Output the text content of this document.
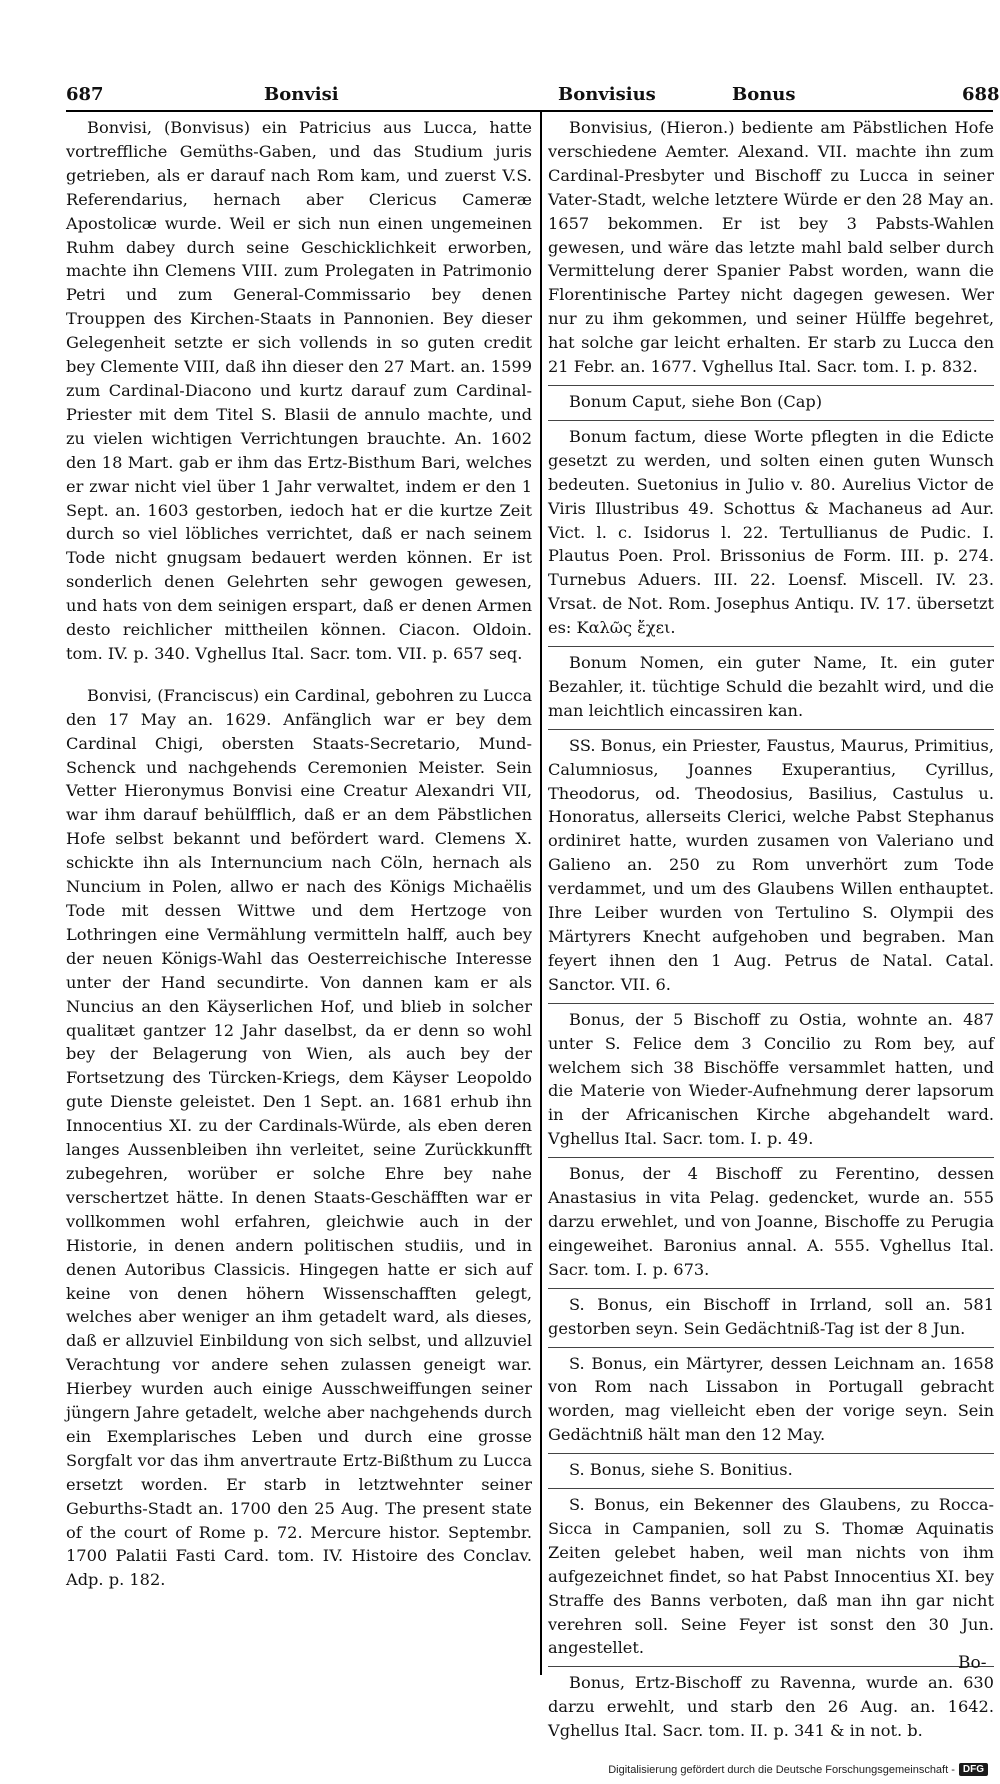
687	Bonvisi	Bonvisius	Bonus	688

Bonvisi, (Bonvisus) ein Patricius aus Lucca, hatte vortreffliche Gemüths-Gaben, und das Studium juris getrieben, als er darauf nach Rom kam, und zuerst V.S. Referendarius, hernach aber Clericus Cameræ Apostolicæ wurde. Weil er sich nun einen ungemeinen Ruhm dabey durch seine Geschicklichkeit erworben, machte ihn Clemens VIII. zum Prolegaten in Patrimonio Petri und zum General-Commissario bey denen Trouppen des Kirchen-Staats in Pannonien. Bey dieser Gelegenheit setzte er sich vollends in so guten credit bey Clemente VIII, daß ihn dieser den 27 Mart. an. 1599 zum Cardinal-Diacono und kurtz darauf zum Cardinal-Priester mit dem Titel S. Blasii de annulo machte, und zu vielen wichtigen Verrichtungen brauchte. An. 1602 den 18 Mart. gab er ihm das Ertz-Bisthum Bari, welches er zwar nicht viel über 1 Jahr verwaltet, indem er den 1 Sept. an. 1603 gestorben, iedoch hat er die kurtze Zeit durch so viel löbliches verrichtet, daß er nach seinem Tode nicht gnugsam bedauert werden können. Er ist sonderlich denen Gelehrten sehr gewogen gewesen, und hats von dem seinigen erspart, daß er denen Armen desto reichlicher mittheilen können. Ciacon. Oldoin. tom. IV. p. 340. Vghellus Ital. Sacr. tom. VII. p. 657 seq.

Bonvisi, (Franciscus) ein Cardinal, gebohren zu Lucca den 17 May an. 1629. Anfänglich war er bey dem Cardinal Chigi, obersten Staats-Secretario, Mund-Schenck und nachgehends Ceremonien Meister. Sein Vetter Hieronymus Bonvisi eine Creatur Alexandri VII, war ihm darauf behülfflich, daß er an dem Päbstlichen Hofe selbst bekannt und befördert ward. Clemens X. schickte ihn als Internuncium nach Cöln, hernach als Nuncium in Polen, allwo er nach des Königs Michaëlis Tode mit dessen Wittwe und dem Hertzoge von Lothringen eine Vermählung vermitteln halff, auch bey der neuen Königs-Wahl das Oesterreichische Interesse unter der Hand secundirte. Von dannen kam er als Nuncius an den Käyserlichen Hof, und blieb in solcher qualitæt gantzer 12 Jahr daselbst, da er denn so wohl bey der Belagerung von Wien, als auch bey der Fortsetzung des Türcken-Kriegs, dem Käyser Leopoldo gute Dienste geleistet. Den 1 Sept. an. 1681 erhub ihn Innocentius XI. zu der Cardinals-Würde, als eben deren langes Aussenbleiben ihn verleitet, seine Zurückkunfft zubegehren, worüber er solche Ehre bey nahe verschertzet hätte. In denen Staats-Geschäfften war er vollkommen wohl erfahren, gleichwie auch in der Historie, in denen andern politischen studiis, und in denen Autoribus Classicis. Hingegen hatte er sich auf keine von denen höhern Wissenschafften gelegt, welches aber weniger an ihm getadelt ward, als dieses, daß er allzuviel Einbildung von sich selbst, und allzuviel Verachtung vor andere sehen zulassen geneigt war. Hierbey wurden auch einige Ausschweiffungen seiner jüngern Jahre getadelt, welche aber nachgehends durch ein Exemplarisches Leben und durch eine grosse Sorgfalt vor das ihm anvertraute Ertz-Bißthum zu Lucca ersetzt worden. Er starb in letztwehnter seiner Geburths-Stadt an. 1700 den 25 Aug. The present state of the court of Rome p. 72. Mercure histor. Septembr. 1700 Palatii Fasti Card. tom. IV. Histoire des Conclav. Adp. p. 182.

Bonvisius, (Hieron.) bediente am Päbstlichen Hofe verschiedene Aemter. Alexand. VII. machte ihn zum Cardinal-Presbyter und Bischoff zu Lucca in seiner Vater-Stadt, welche letztere Würde er den 28 May an. 1657 bekommen. Er ist bey 3 Pabsts-Wahlen gewesen, und wäre das letzte mahl bald selber durch Vermittelung derer Spanier Pabst worden, wann die Florentinische Partey nicht dagegen gewesen. Wer nur zu ihm gekommen, und seiner Hülffe begehret, hat solche gar leicht erhalten. Er starb zu Lucca den 21 Febr. an. 1677. Vghellus Ital. Sacr. tom. I. p. 832.

Bonum Caput, siehe Bon (Cap)

Bonum factum, diese Worte pflegten in die Edicte gesetzt zu werden, und solten einen guten Wunsch bedeuten. Suetonius in Julio v. 80. Aurelius Victor de Viris Illustribus 49. Schottus & Machaneus ad Aur. Vict. l. c. Isidorus l. 22. Tertullianus de Pudic. I. Plautus Poen. Prol. Brissonius de Form. III. p. 274. Turnebus Aduers. III. 22. Loensf. Miscell. IV. 23. Vrsat. de Not. Rom. Josephus Antiqu. IV. 17. übersetzt es: Καλῶς ἔχει.

Bonum Nomen, ein guter Name, It. ein guter Bezahler, it. tüchtige Schuld die bezahlt wird, und die man leichtlich eincassiren kan.

SS. Bonus, ein Priester, Faustus, Maurus, Primitius, Calumniosus, Joannes Exuperantius, Cyrillus, Theodorus, od. Theodosius, Basilius, Castulus u. Honoratus, allerseits Clerici, welche Pabst Stephanus ordiniret hatte, wurden zusamen von Valeriano und Galieno an. 250 zu Rom unverhört zum Tode verdammet, und um des Glaubens Willen enthauptet. Ihre Leiber wurden von Tertulino S. Olympii des Märtyrers Knecht aufgehoben und begraben. Man feyert ihnen den 1 Aug. Petrus de Natal. Catal. Sanctor. VII. 6.

Bonus, der 5 Bischoff zu Ostia, wohnte an. 487 unter S. Felice dem 3 Concilio zu Rom bey, auf welchem sich 38 Bischöffe versammlet hatten, und die Materie von Wieder-Aufnehmung derer lapsorum in der Africanischen Kirche abgehandelt ward. Vghellus Ital. Sacr. tom. I. p. 49.

Bonus, der 4 Bischoff zu Ferentino, dessen Anastasius in vita Pelag. gedencket, wurde an. 555 darzu erwehlet, und von Joanne, Bischoffe zu Perugia eingeweihet. Baronius annal. A. 555. Vghellus Ital. Sacr. tom. I. p. 673.

S. Bonus, ein Bischoff in Irrland, soll an. 581 gestorben seyn. Sein Gedächtniß-Tag ist der 8 Jun.

S. Bonus, ein Märtyrer, dessen Leichnam an. 1658 von Rom nach Lissabon in Portugall gebracht worden, mag vielleicht eben der vorige seyn. Sein Gedächtniß hält man den 12 May.

S. Bonus, siehe S. Bonitius.

S. Bonus, ein Bekenner des Glaubens, zu Rocca-Sicca in Campanien, soll zu S. Thomæ Aquinatis Zeiten gelebet haben, weil man nichts von ihm aufgezeichnet findet, so hat Pabst Innocentius XI. bey Straffe des Banns verboten, daß man ihn gar nicht verehren soll. Seine Feyer ist sonst den 30 Jun. angestellet.

Bonus, Ertz-Bischoff zu Ravenna, wurde an. 630 darzu erwehlt, und starb den 26 Aug. an. 1642. Vghellus Ital. Sacr. tom. II. p. 341 & in not. b.

Bo-
Digitalisierung gefördert durch die Deutsche Forschungsgemeinschaft - DFG
